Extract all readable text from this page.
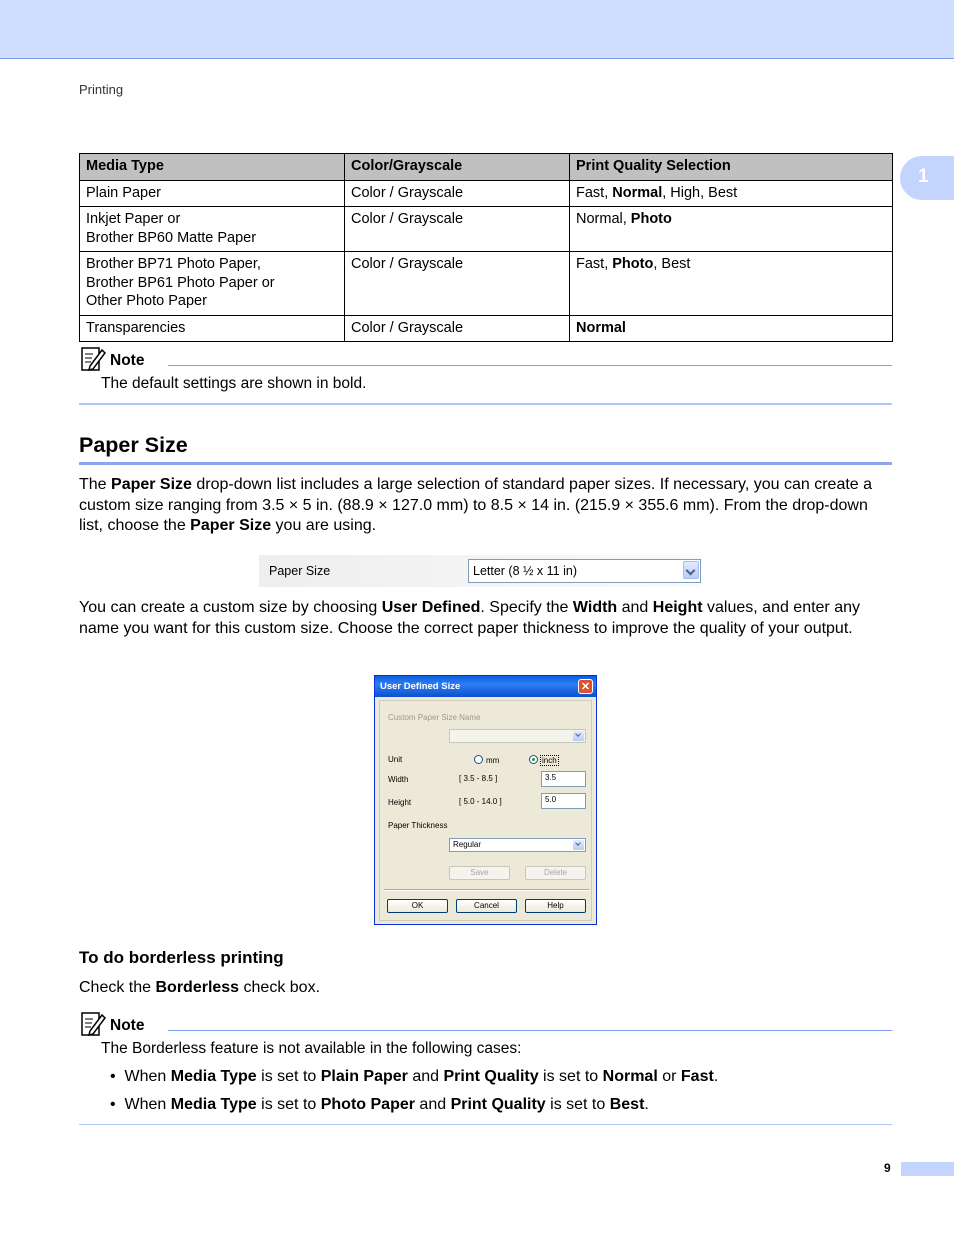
Printing
1
Media Type	Color/Grayscale	Print Quality Selection

Plain Paper	Color / Grayscale	Fast, Normal, High, Best

Inkjet Paper or
Brother BP60 Matte Paper	Color / Grayscale	Normal, Photo

Brother BP71 Photo Paper,
Brother BP61 Photo Paper or
Other Photo Paper	Color / Grayscale	Fast, Photo, Best

Transparencies	Color / Grayscale	Normal
Note
The default settings are shown in bold.
Paper Size
The Paper Size drop-down list includes a large selection of standard paper sizes. If necessary, you can create a custom size ranging from 3.5 × 5 in. (88.9 × 127.0 mm) to 8.5 × 14 in. (215.9 × 355.6 mm). From the drop-down list, choose the Paper Size you are using.
Paper Size	Letter (8 ½ x 11 in)
You can create a custom size by choosing User Defined. Specify the Width and Height values, and enter any name you want for this custom size. Choose the correct paper thickness to improve the quality of your output.
User Defined Size	✕
Custom Paper Size Name
Unit	mm	inch
Width	[ 3.5 - 8.5 ]	3.5
Height	[ 5.0 - 14.0 ]	5.0
Paper Thickness
Regular
Save	Delete
OK	Cancel	Help
To do borderless printing
Check the Borderless check box.
Note
The Borderless feature is not available in the following cases:
• When Media Type is set to Plain Paper and Print Quality is set to Normal or Fast.
• When Media Type is set to Photo Paper and Print Quality is set to Best.
9
